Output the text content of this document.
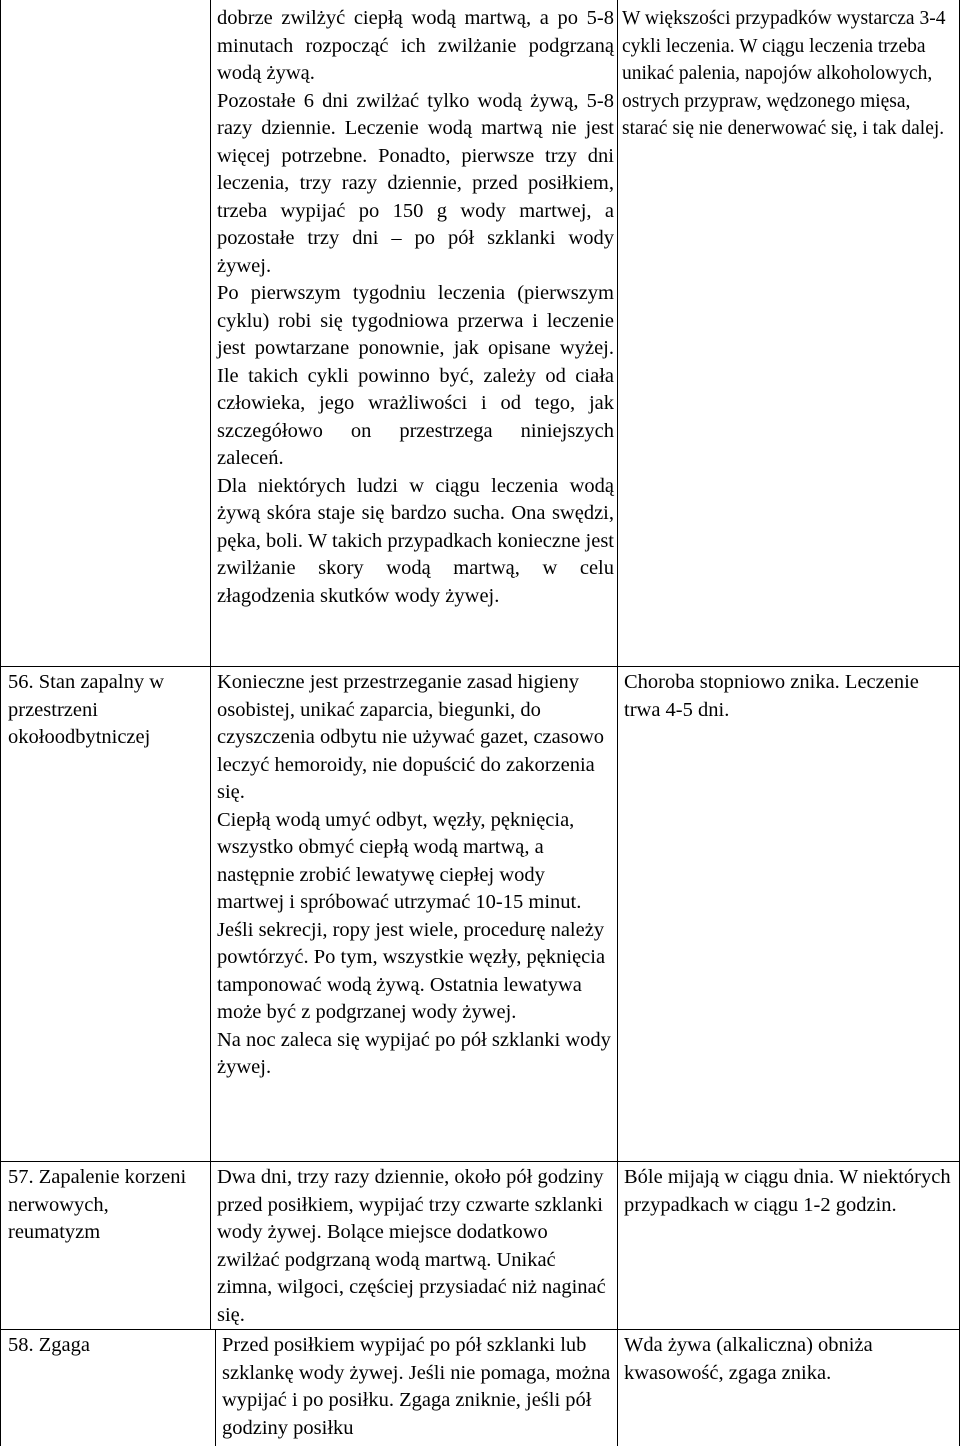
dobrze zwilżyć ciepłą wodą martwą, a po 5-8 minutach rozpocząć ich zwilżanie podgrzaną wodą żywą.

Pozostałe 6 dni zwilżać tylko wodą żywą, 5-8 razy dziennie. Leczenie wodą martwą nie jest więcej potrzebne. Ponadto, pierwsze trzy dni leczenia, trzy razy dziennie, przed posiłkiem, trzeba wypijać po 150 g wody martwej, a pozostałe trzy dni – po pół szklanki wody żywej.

Po pierwszym tygodniu leczenia (pierwszym cyklu) robi się tygodniowa przerwa i leczenie jest powtarzane ponownie, jak opisane wyżej. Ile takich cykli powinno być, zależy od ciała człowieka, jego wrażliwości i od tego, jak szczegółowo on przestrzega niniejszych zaleceń.

Dla niektórych ludzi w ciągu leczenia wodą żywą skóra staje się bardzo sucha. Ona swędzi, pęka, boli. W takich przypadkach konieczne jest zwilżanie skory wodą martwą, w celu złagodzenia skutków wody żywej.

W większości przypadków wystarcza 3-4 cykli leczenia. W ciągu leczenia trzeba unikać palenia, napojów alkoholowych, ostrych przypraw, wędzonego mięsa, starać się nie denerwować się, i tak dalej.

56. Stan zapalny w przestrzeni okołoodbytniczej

Konieczne jest przestrzeganie zasad higieny osobistej, unikać zaparcia, biegunki, do czyszczenia odbytu nie używać gazet, czasowo leczyć hemoroidy, nie dopuścić do zakorzenia się.

Ciepłą wodą umyć odbyt, węzły, pęknięcia, wszystko obmyć ciepłą wodą martwą, a następnie zrobić lewatywę ciepłej wody martwej i spróbować utrzymać 10-15 minut. Jeśli sekrecji, ropy jest wiele, procedurę należy powtórzyć. Po tym, wszystkie węzły, pęknięcia tamponować wodą żywą. Ostatnia lewatywa może być z podgrzanej wody żywej.

Na noc zaleca się wypijać po pół szklanki wody żywej.

Choroba stopniowo znika. Leczenie trwa 4-5 dni.

57. Zapalenie korzeni nerwowych, reumatyzm

Dwa dni, trzy razy dziennie, około pół godziny przed posiłkiem, wypijać trzy czwarte szklanki wody żywej. Bolące miejsce dodatkowo zwilżać podgrzaną wodą martwą. Unikać zimna, wilgoci, częściej przysiadać niż naginać się.

Bóle mijają w ciągu dnia. W niektórych przypadkach w ciągu 1-2 godzin.

58. Zgaga	Przed posiłkiem wypijać po pół szklanki lub szklankę wody żywej. Jeśli nie pomaga, można wypijać i po posiłku. Zgaga zniknie, jeśli pół godziny posiłku

Wda żywa (alkaliczna) obniża kwasowość, zgaga znika.
